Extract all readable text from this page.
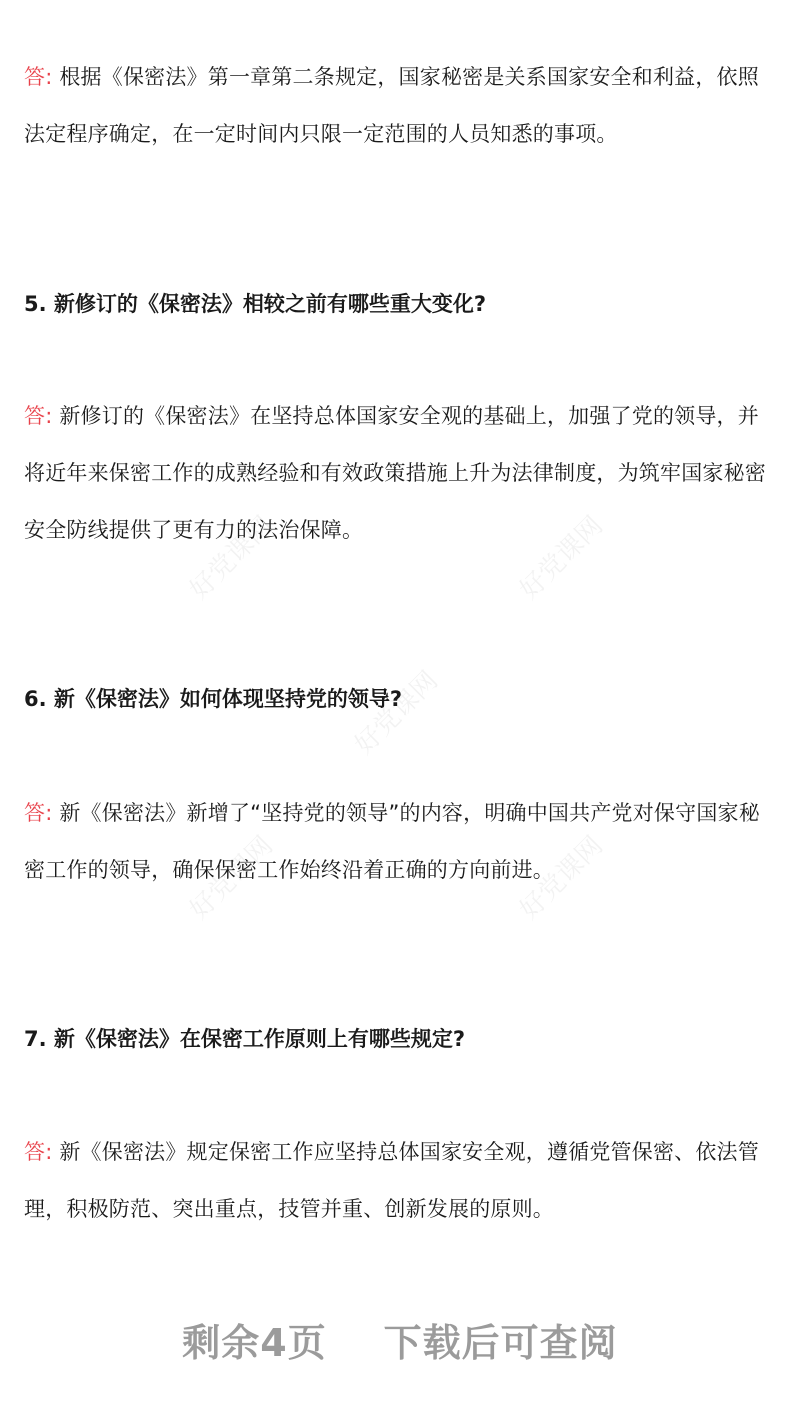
好党课网	好党课网
好党课网
好党课网	好党课网

答: 根据《保密法》第一章第二条规定，国家秘密是关系国家安全和利益，依照法定程序确定，在一定时间内只限一定范围的人员知悉的事项。

5. 新修订的《保密法》相较之前有哪些重大变化?

答: 新修订的《保密法》在坚持总体国家安全观的基础上，加强了党的领导，并将近年来保密工作的成熟经验和有效政策措施上升为法律制度，为筑牢国家秘密安全防线提供了更有力的法治保障。

6. 新《保密法》如何体现坚持党的领导?

答: 新《保密法》新增了“坚持党的领导”的内容，明确中国共产党对保守国家秘密工作的领导，确保保密工作始终沿着正确的方向前进。

7. 新《保密法》在保密工作原则上有哪些规定?

答: 新《保密法》规定保密工作应坚持总体国家安全观，遵循党管保密、依法管理，积极防范、突出重点，技管并重、创新发展的原则。

剩余4页 下载后可查阅
